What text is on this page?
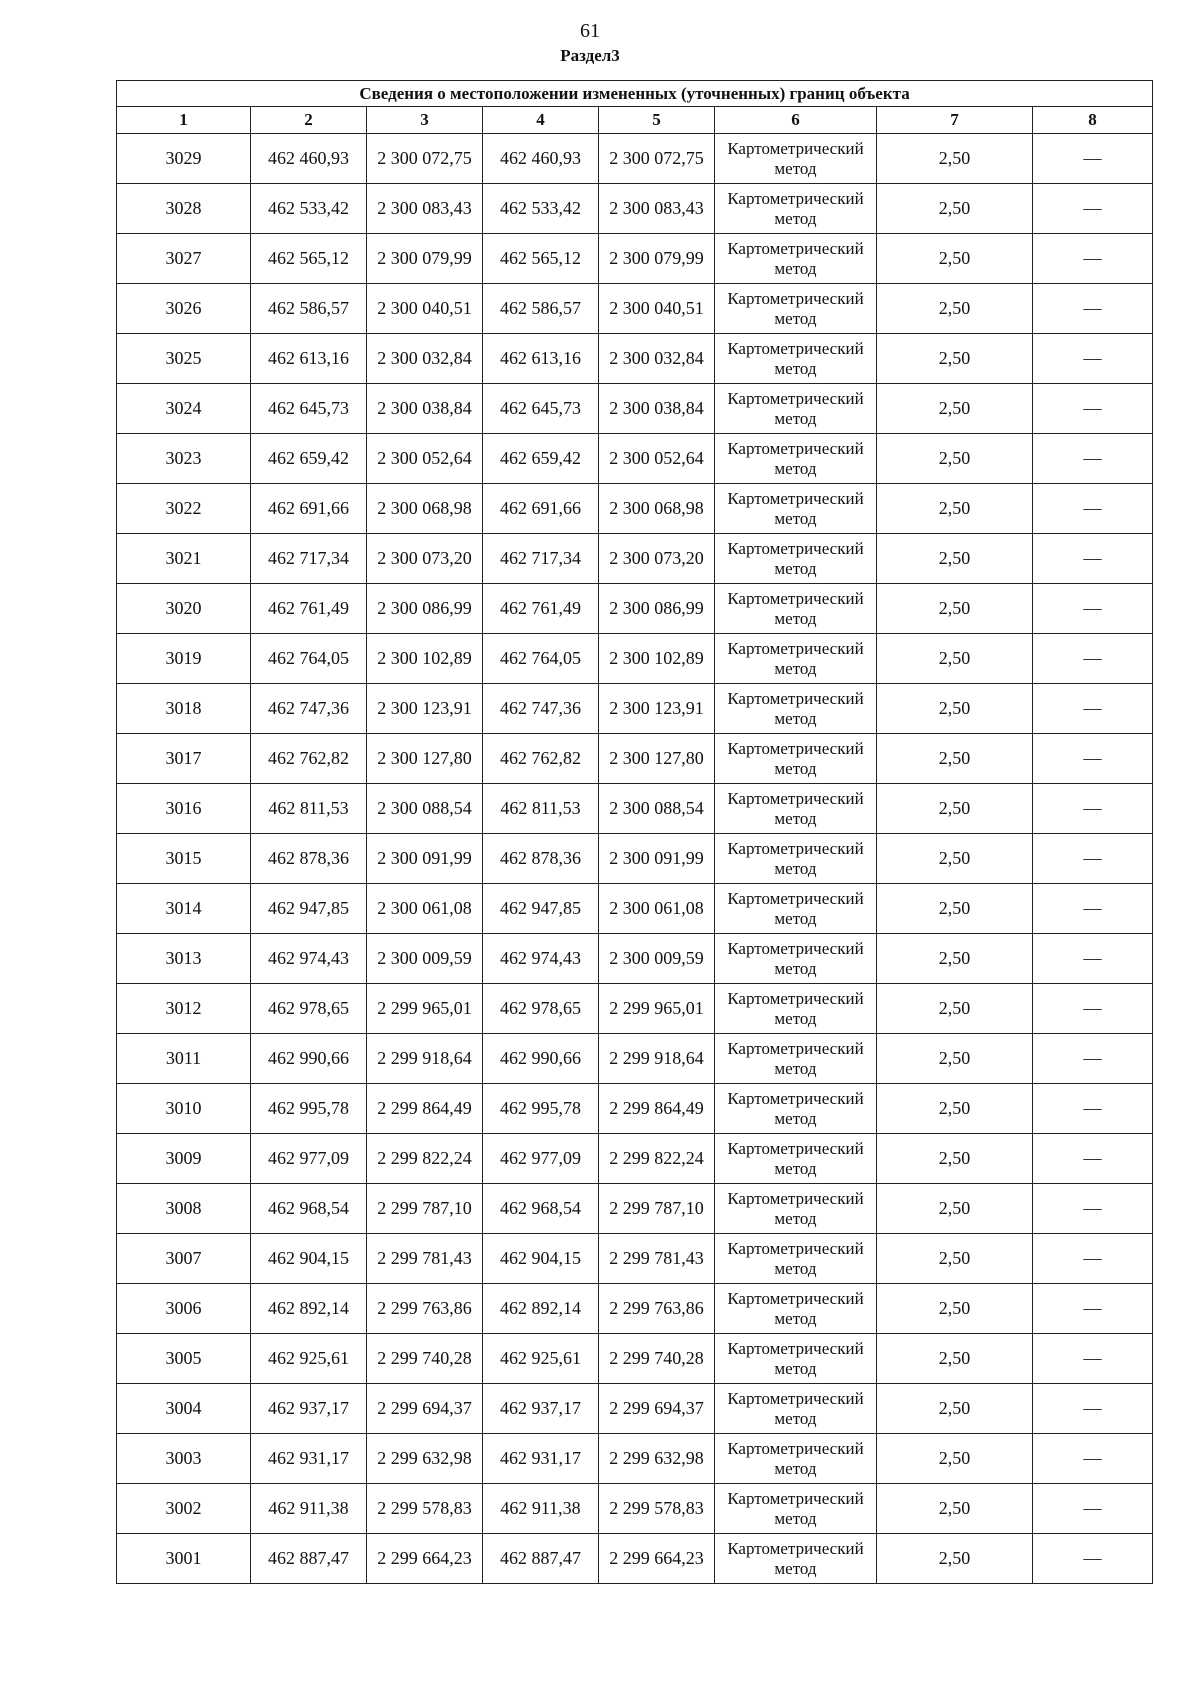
61
Раздел3
Сведения о местоположении измененных (уточненных) границ объекта							
1	2	3	4	5	6	7	8
3029	462 460,93	2 300 072,75	462 460,93	2 300 072,75	Картометрический метод	2,50	—
3028	462 533,42	2 300 083,43	462 533,42	2 300 083,43	Картометрический метод	2,50	—
3027	462 565,12	2 300 079,99	462 565,12	2 300 079,99	Картометрический метод	2,50	—
3026	462 586,57	2 300 040,51	462 586,57	2 300 040,51	Картометрический метод	2,50	—
3025	462 613,16	2 300 032,84	462 613,16	2 300 032,84	Картометрический метод	2,50	—
3024	462 645,73	2 300 038,84	462 645,73	2 300 038,84	Картометрический метод	2,50	—
3023	462 659,42	2 300 052,64	462 659,42	2 300 052,64	Картометрический метод	2,50	—
3022	462 691,66	2 300 068,98	462 691,66	2 300 068,98	Картометрический метод	2,50	—
3021	462 717,34	2 300 073,20	462 717,34	2 300 073,20	Картометрический метод	2,50	—
3020	462 761,49	2 300 086,99	462 761,49	2 300 086,99	Картометрический метод	2,50	—
3019	462 764,05	2 300 102,89	462 764,05	2 300 102,89	Картометрический метод	2,50	—
3018	462 747,36	2 300 123,91	462 747,36	2 300 123,91	Картометрический метод	2,50	—
3017	462 762,82	2 300 127,80	462 762,82	2 300 127,80	Картометрический метод	2,50	—
3016	462 811,53	2 300 088,54	462 811,53	2 300 088,54	Картометрический метод	2,50	—
3015	462 878,36	2 300 091,99	462 878,36	2 300 091,99	Картометрический метод	2,50	—
3014	462 947,85	2 300 061,08	462 947,85	2 300 061,08	Картометрический метод	2,50	—
3013	462 974,43	2 300 009,59	462 974,43	2 300 009,59	Картометрический метод	2,50	—
3012	462 978,65	2 299 965,01	462 978,65	2 299 965,01	Картометрический метод	2,50	—
3011	462 990,66	2 299 918,64	462 990,66	2 299 918,64	Картометрический метод	2,50	—
3010	462 995,78	2 299 864,49	462 995,78	2 299 864,49	Картометрический метод	2,50	—
3009	462 977,09	2 299 822,24	462 977,09	2 299 822,24	Картометрический метод	2,50	—
3008	462 968,54	2 299 787,10	462 968,54	2 299 787,10	Картометрический метод	2,50	—
3007	462 904,15	2 299 781,43	462 904,15	2 299 781,43	Картометрический метод	2,50	—
3006	462 892,14	2 299 763,86	462 892,14	2 299 763,86	Картометрический метод	2,50	—
3005	462 925,61	2 299 740,28	462 925,61	2 299 740,28	Картометрический метод	2,50	—
3004	462 937,17	2 299 694,37	462 937,17	2 299 694,37	Картометрический метод	2,50	—
3003	462 931,17	2 299 632,98	462 931,17	2 299 632,98	Картометрический метод	2,50	—
3002	462 911,38	2 299 578,83	462 911,38	2 299 578,83	Картометрический метод	2,50	—
3001	462 887,47	2 299 664,23	462 887,47	2 299 664,23	Картометрический метод	2,50	—
